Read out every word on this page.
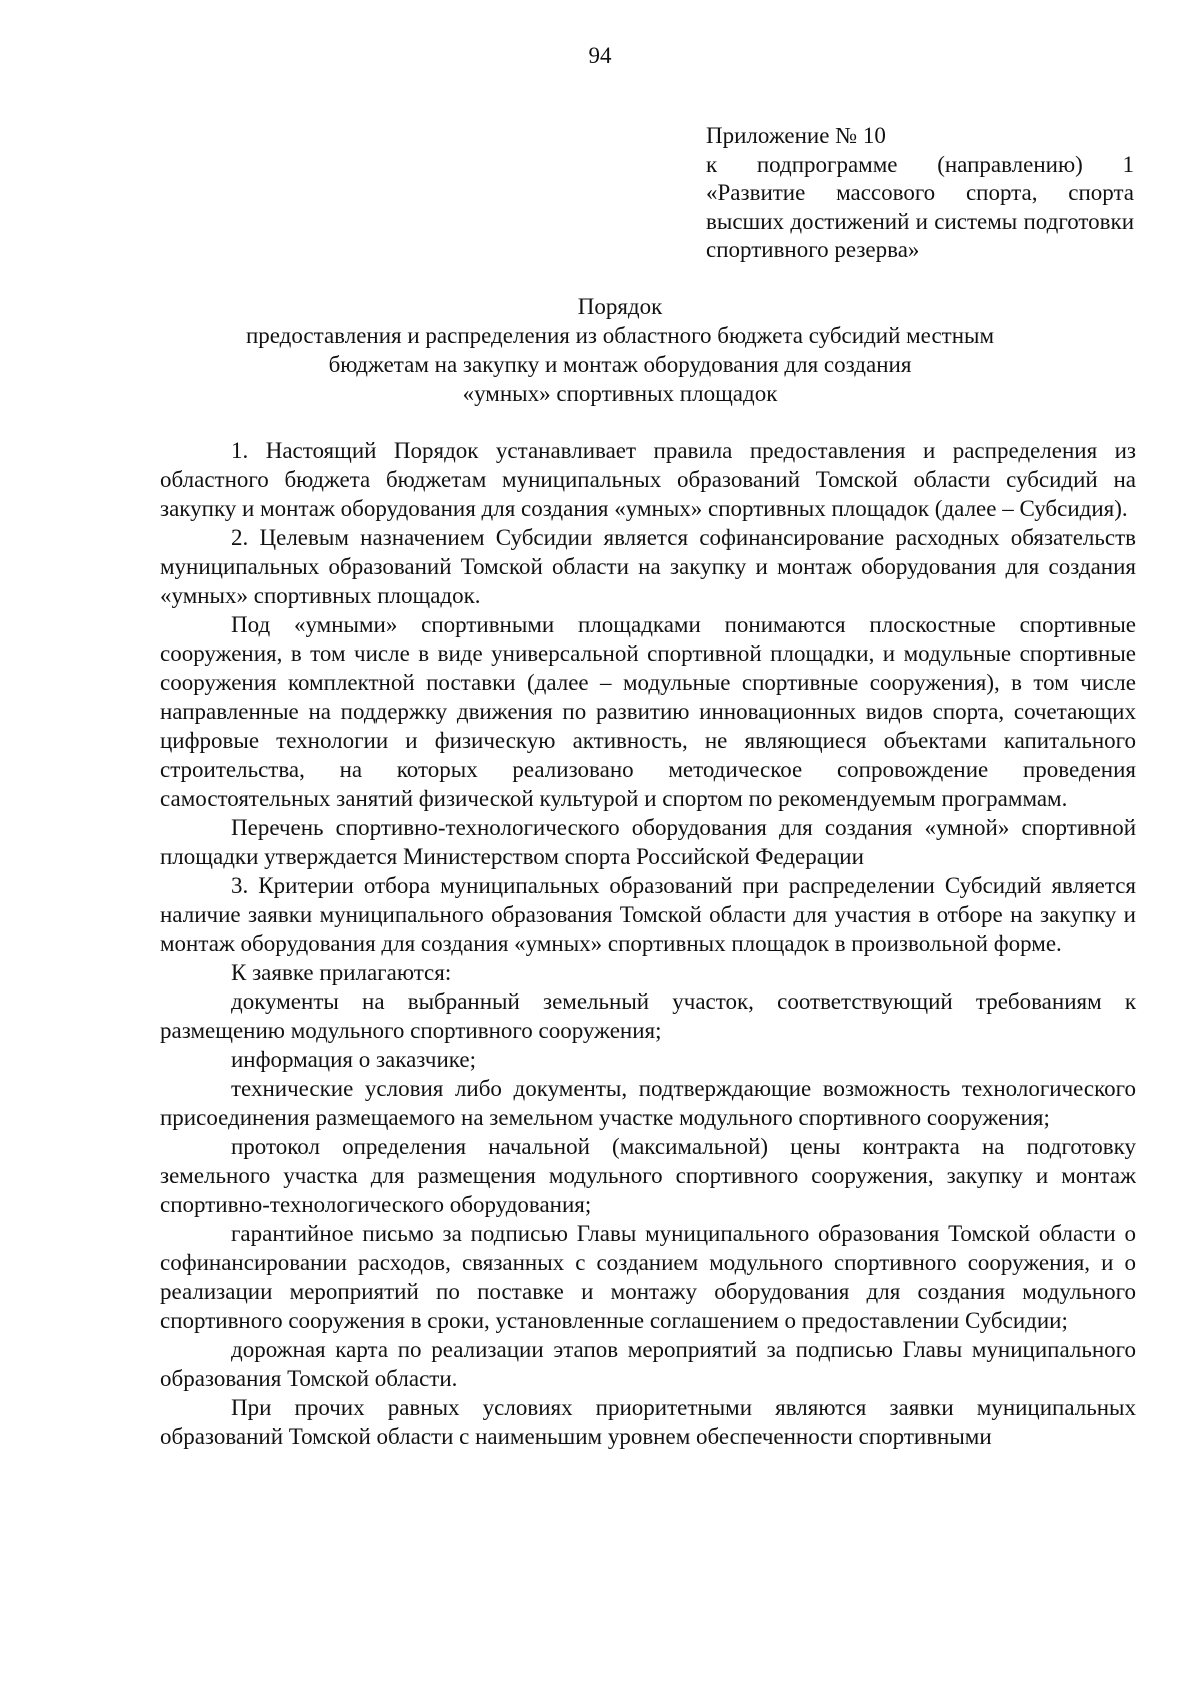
94

Приложение № 10

к подпрограмме (направлению) 1 «Развитие массового спорта, спорта высших достижений и системы подготовки спортивного резерва»

Порядок

предоставления и распределения из областного бюджета субсидий местным

бюджетам на закупку и монтаж оборудования для создания

«умных» спортивных площадок

1. Настоящий Порядок устанавливает правила предоставления и распределения из областного бюджета бюджетам муниципальных образований Томской области субсидий на закупку и монтаж оборудования для создания «умных» спортивных площадок (далее – Субсидия).

2. Целевым назначением Субсидии является софинансирование расходных обязательств муниципальных образований Томской области на закупку и монтаж оборудования для создания «умных» спортивных площадок.

Под «умными» спортивными площадками понимаются плоскостные спортивные сооружения, в том числе в виде универсальной спортивной площадки, и модульные спортивные сооружения комплектной поставки (далее – модульные спортивные сооружения), в том числе направленные на поддержку движения по развитию инновационных видов спорта, сочетающих цифровые технологии и физическую активность, не являющиеся объектами капитального строительства, на которых реализовано методическое сопровождение проведения самостоятельных занятий физической культурой и спортом по рекомендуемым программам.

Перечень спортивно-технологического оборудования для создания «умной» спортивной площадки утверждается Министерством спорта Российской Федерации

3. Критерии отбора муниципальных образований при распределении Субсидий является наличие заявки муниципального образования Томской области для участия в отборе на закупку и монтаж оборудования для создания «умных» спортивных площадок в произвольной форме.

К заявке прилагаются:

документы на выбранный земельный участок, соответствующий требованиям к размещению модульного спортивного сооружения;

информация о заказчике;

технические условия либо документы, подтверждающие возможность технологического присоединения размещаемого на земельном участке модульного спортивного сооружения;

протокол определения начальной (максимальной) цены контракта на подготовку земельного участка для размещения модульного спортивного сооружения, закупку и монтаж спортивно-технологического оборудования;

гарантийное письмо за подписью Главы муниципального образования Томской области о софинансировании расходов, связанных с созданием модульного спортивного сооружения, и о реализации мероприятий по поставке и монтажу оборудования для создания модульного спортивного сооружения в сроки, установленные соглашением о предоставлении Субсидии;

дорожная карта по реализации этапов мероприятий за подписью Главы муниципального образования Томской области.

При прочих равных условиях приоритетными являются заявки муниципальных образований Томской области с наименьшим уровнем обеспеченности спортивными
